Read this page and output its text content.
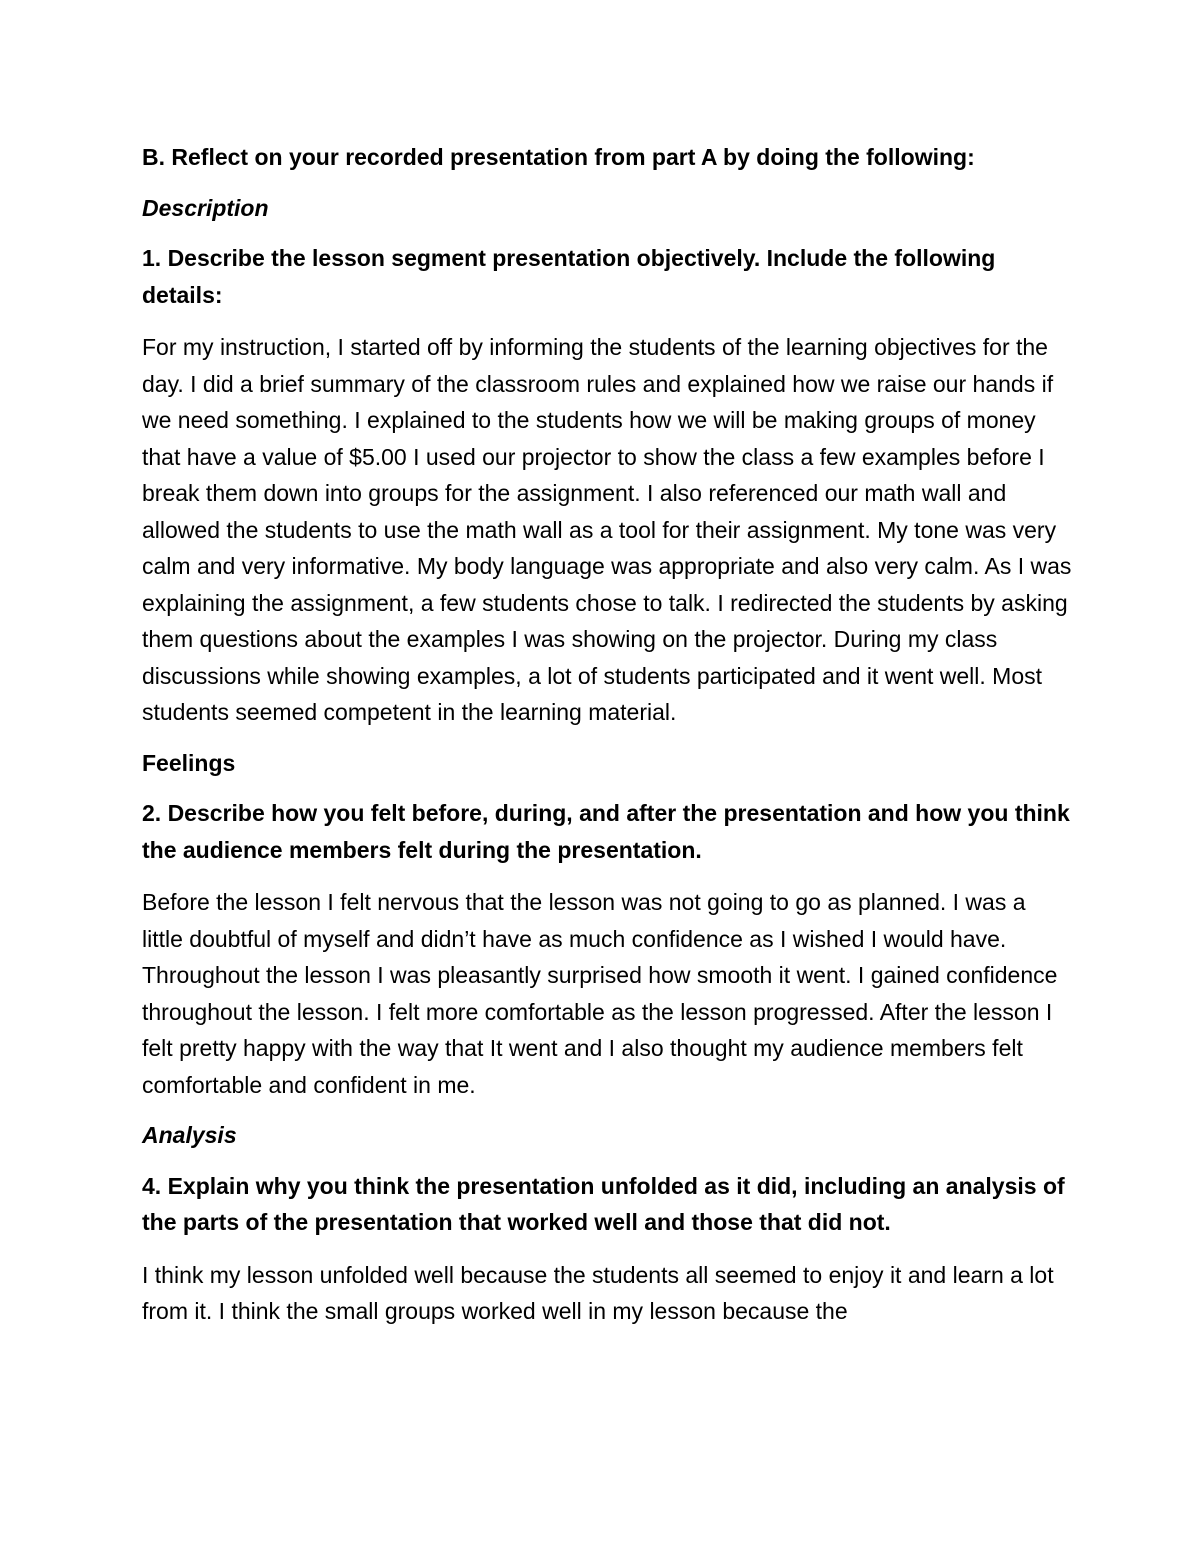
B. Reflect on your recorded presentation from part A by doing the following:

Description

1. Describe the lesson segment presentation objectively. Include the following details:

For my instruction, I started off by informing the students of the learning objectives for the day. I did a brief summary of the classroom rules and explained how we raise our hands if we need something. I explained to the students how we will be making groups of money that have a value of $5.00 I used our projector to show the class a few examples before I break them down into groups for the assignment. I also referenced our math wall and allowed the students to use the math wall as a tool for their assignment. My tone was very calm and very informative. My body language was appropriate and also very calm. As I was explaining the assignment, a few students chose to talk. I redirected the students by asking them questions about the examples I was showing on the projector. During my class discussions while showing examples, a lot of students participated and it went well. Most students seemed competent in the learning material.

Feelings

2. Describe how you felt before, during, and after the presentation and how you think the audience members felt during the presentation.

Before the lesson I felt nervous that the lesson was not going to go as planned. I was a little doubtful of myself and didn’t have as much confidence as I wished I would have. Throughout the lesson I was pleasantly surprised how smooth it went. I gained confidence throughout the lesson. I felt more comfortable as the lesson progressed. After the lesson I felt pretty happy with the way that It went and I also thought my audience members felt comfortable and confident in me.

Analysis

4. Explain why you think the presentation unfolded as it did, including an analysis of the parts of the presentation that worked well and those that did not.

I think my lesson unfolded well because the students all seemed to enjoy it and learn a lot from it. I think the small groups worked well in my lesson because the
